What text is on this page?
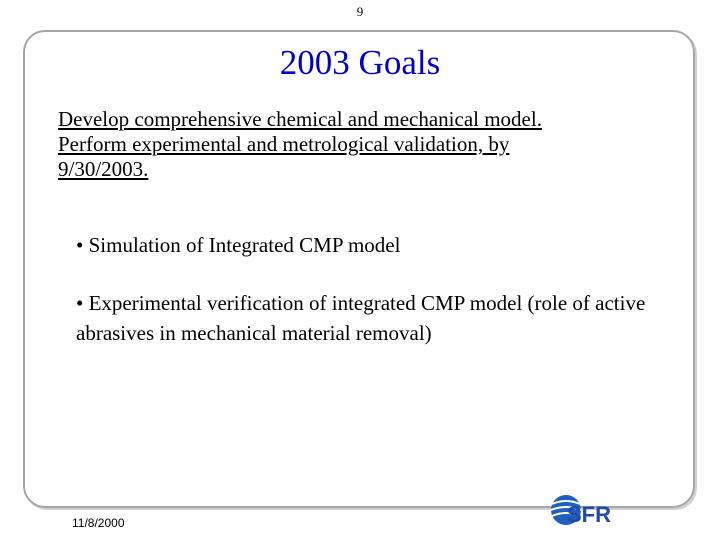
9
2003 Goals
Develop comprehensive chemical and mechanical model.
Perform experimental and metrological validation, by
9/30/2003.
• Simulation of Integrated CMP model
• Experimental verification of integrated CMP model (role of active abrasives in mechanical material removal)
11/8/2000	SFR
